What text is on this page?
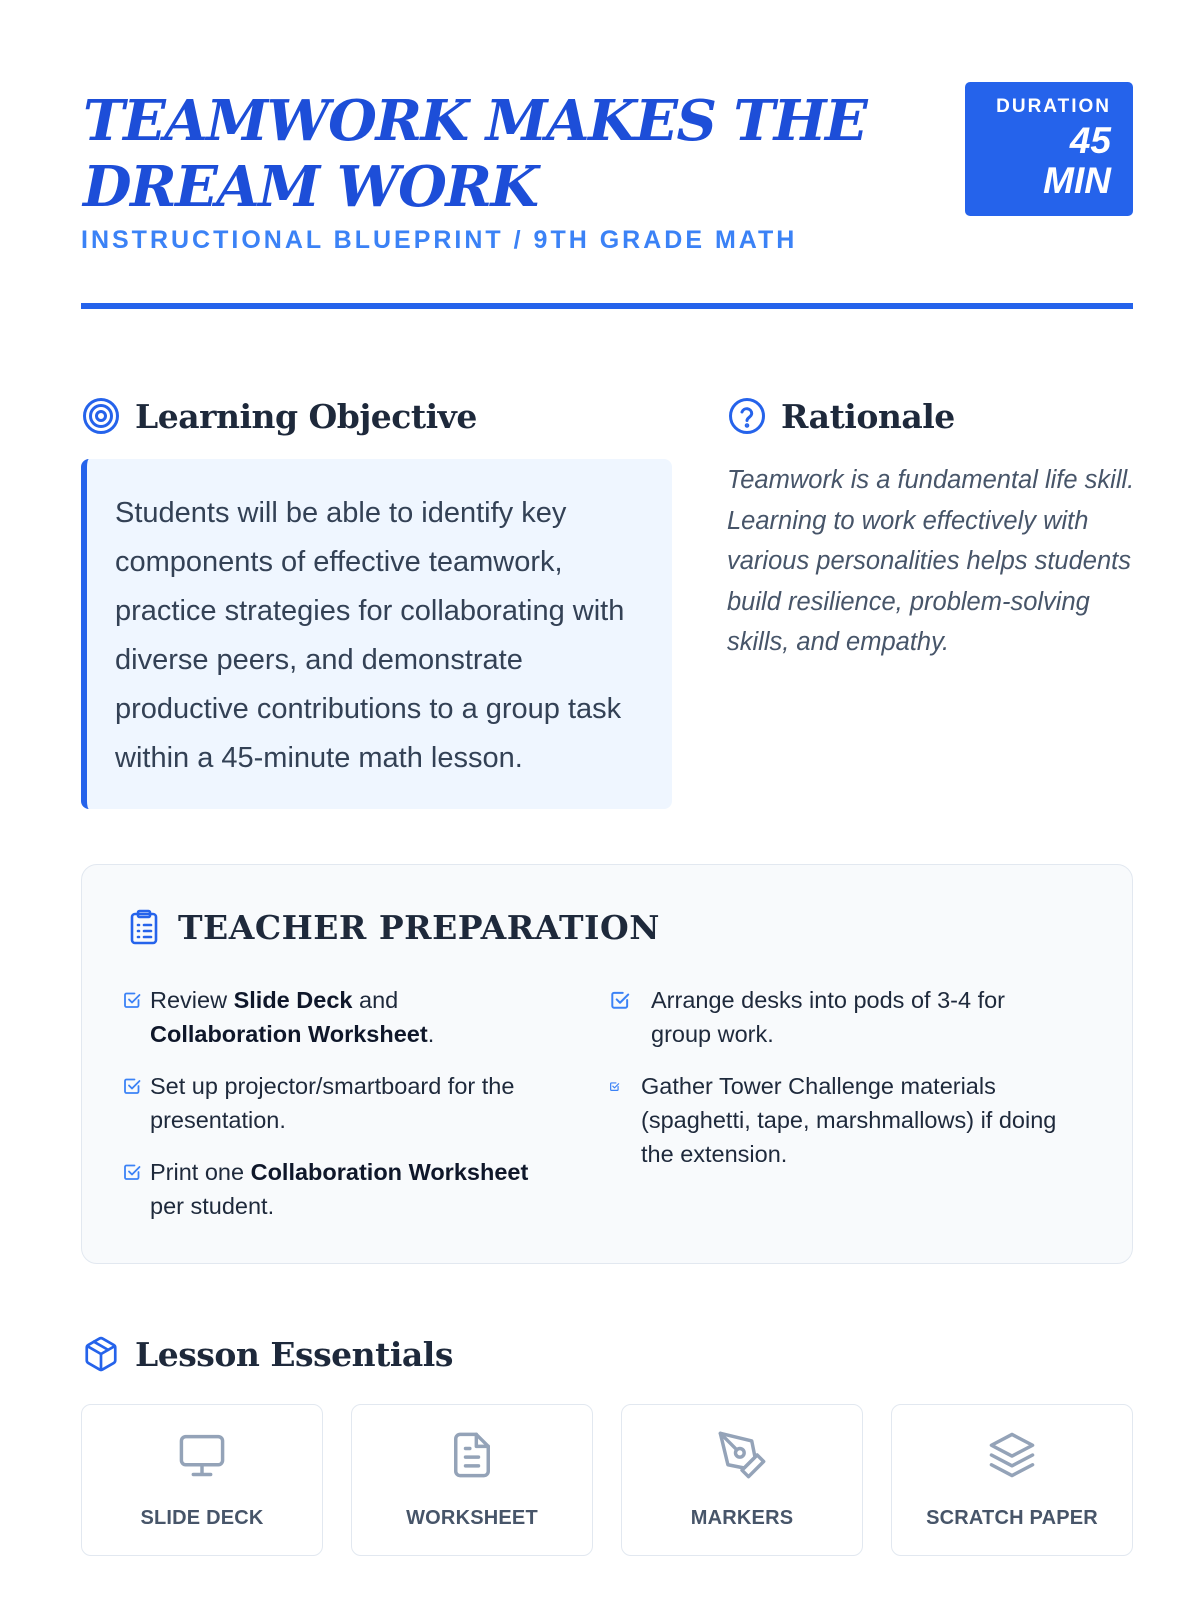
TEAMWORK MAKES THE
DREAM WORK
INSTRUCTIONAL BLUEPRINT / 9TH GRADE MATH
DURATION
45
MIN
Learning Objective

Students will be able to identify key components of effective teamwork, practice strategies for collaborating with diverse peers, and demonstrate productive contributions to a group task within a 45-minute math lesson.

Rationale

Teamwork is a fundamental life skill. Learning to work effectively with various personalities helps students build resilience, problem-solving skills, and empathy.

TEACHER PREPARATION
Review Slide Deck and Collaboration Worksheet.
Set up projector/smartboard for the presentation.
Print one Collaboration Worksheet per student.
Arrange desks into pods of 3-4 for group work.
Gather Tower Challenge materials (spaghetti, tape, marshmallows) if doing the extension.
Lesson Essentials
SLIDE DECK	WORKSHEET	MARKERS	SCRATCH PAPER
